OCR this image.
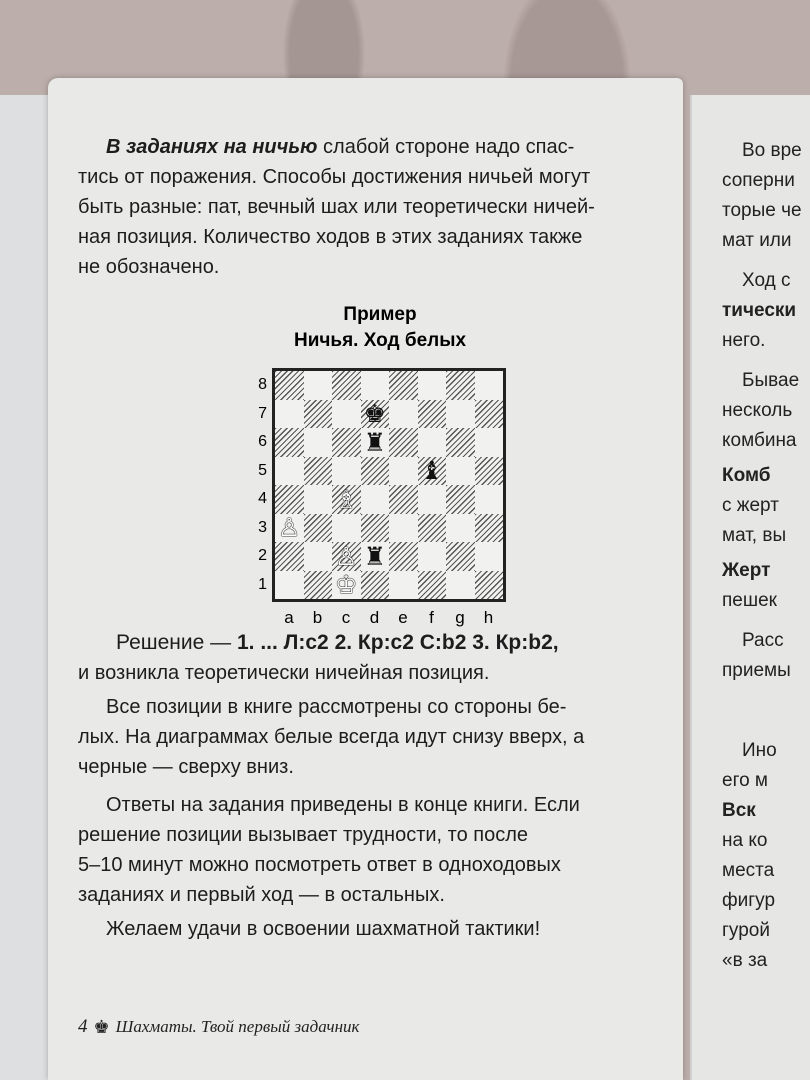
Во вре
соперни
торые че
мат или
Ход с
тически
него.
Бывае
несколь
комбина
Комб
с жерт
мат, вы
Жерт
пешек
Расс
приемы
Ино
его м
Вск
на ко
места
фигур
гурой
«в за
В заданиях на ничью слабой стороне надо спас-
тись от поражения. Способы достижения ничьей могут
быть разные: пат, вечный шах или теоретически ничей-
ная позиция. Количество ходов в этих заданиях также
не обозначено.
Пример
Ничья. Ход белых
♚
♜
♝
♗
♙
♙ ♜
♔
8
7
6
5
4
3
2
1
a	b	c	d	e	f	g	h
Решение — 1. ... Л:с2 2. Кр:с2 С:b2 3. Кр:b2,
и возникла теоретически ничейная позиция.
Все позиции в книге рассмотрены со стороны бе-
лых. На диаграммах белые всегда идут снизу вверх, а
черные — сверху вниз.
Ответы на задания приведены в конце книги. Если
решение позиции вызывает трудности, то после
5–10 минут можно посмотреть ответ в одноходовых
заданиях и первый ход — в остальных.
Желаем удачи в освоении шахматной тактики!
4 ♚ Шахматы. Твой первый задачник
